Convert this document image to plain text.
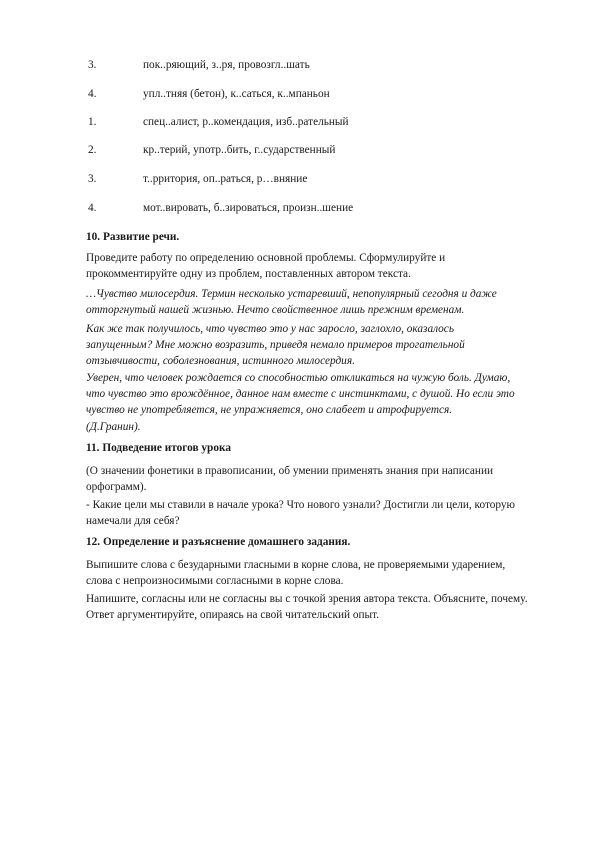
3.	пок..ряющий, з..ря, провозгл..шать
4.	упл..тняя (бетон), к..саться, к..мпаньон
1.	спец..алист, р..комендация, изб..рательный
2.	кр..терий, употр..бить, г..сударственный
3.	т..рритория, оп..раться, р…вняние
4.	мот..вировать, б..зироваться, произн..шение
10. Развитие речи.
Проведите работу по определению основной проблемы. Сформулируйте и
прокомментируйте одну из проблем, поставленных автором текста.
…Чувство милосердия. Термин несколько устаревший, непопулярный сегодня и даже
отторгнутый нашей жизнью. Нечто свойственное лишь прежним временам.
Как же так получилось, что чувство это у нас заросло, заглохло, оказалось
запущенным? Мне можно возразить, приведя немало примеров трогательной
отзывчивости, соболезнования, истинного милосердия.
Уверен, что человек рождается со способностью откликаться на чужую боль. Думаю,
что чувство это врождённое, данное нам вместе с инстинктами, с душой. Но если это
чувство не употребляется, не упражняется, оно слабеет и атрофируется.
(Д.Гранин).
11. Подведение итогов урока
(О значении фонетики в правописании, об умении применять знания при написании
орфограмм).
- Какие цели мы ставили в начале урока? Что нового узнали? Достигли ли цели, которую
намечали для себя?
12. Определение и разъяснение домашнего задания.
Выпишите слова с безударными гласными в корне слова, не проверяемыми ударением,
слова с непроизносимыми согласными в корне слова.
Напишите, согласны или не согласны вы с точкой зрения автора текста. Объясните, почему.
Ответ аргументируйте, опираясь на свой читательский опыт.
